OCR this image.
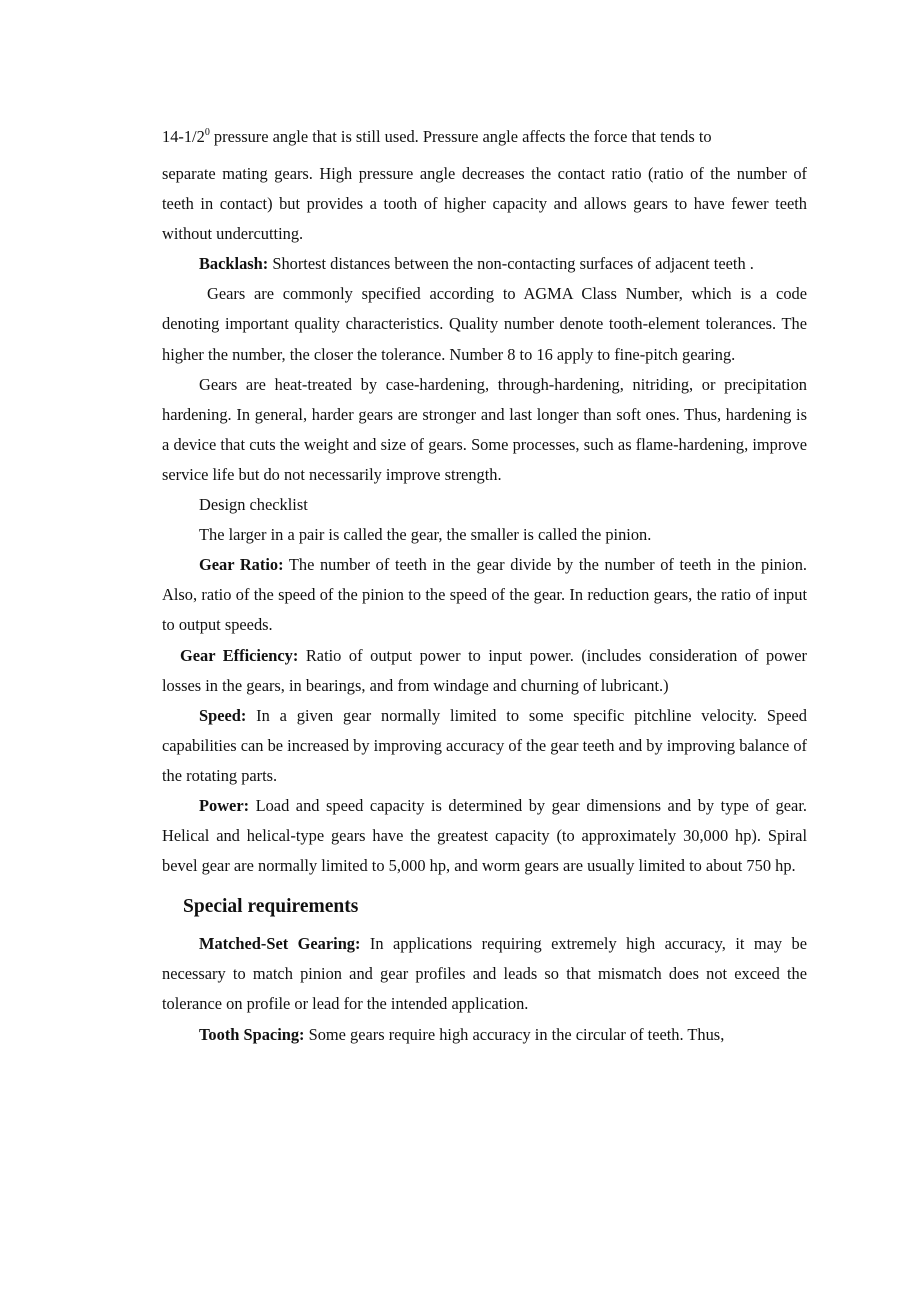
$14-1/2^0$ pressure angle that is still used. Pressure angle affects the force that tends to

separate mating gears. High pressure angle decreases the contact ratio (ratio of the number of teeth in contact) but provides a tooth of higher capacity and allows gears to have fewer teeth without undercutting.

Backlash: Shortest distances between the non-contacting surfaces of adjacent teeth .

Gears are commonly specified according to AGMA Class Number, which is a code denoting important quality characteristics. Quality number denote tooth-element tolerances. The higher the number, the closer the tolerance. Number 8 to 16 apply to fine-pitch gearing.

Gears are heat-treated by case-hardening, through-hardening, nitriding, or precipitation hardening. In general, harder gears are stronger and last longer than soft ones. Thus, hardening is a device that cuts the weight and size of gears. Some processes, such as flame-hardening, improve service life but do not necessarily improve strength.

Design checklist

The larger in a pair is called the gear, the smaller is called the pinion.

Gear Ratio: The number of teeth in the gear divide by the number of teeth in the pinion. Also, ratio of the speed of the pinion to the speed of the gear. In reduction gears, the ratio of input to output speeds.

Gear Efficiency: Ratio of output power to input power. (includes consideration of power losses in the gears, in bearings, and from windage and churning of lubricant.)

Speed: In a given gear normally limited to some specific pitchline velocity. Speed capabilities can be increased by improving accuracy of the gear teeth and by improving balance of the rotating parts.

Power: Load and speed capacity is determined by gear dimensions and by type of gear. Helical and helical-type gears have the greatest capacity (to approximately 30,000 hp). Spiral bevel gear are normally limited to 5,000 hp, and worm gears are usually limited to about 750 hp.

Special requirements

Matched-Set Gearing: In applications requiring extremely high accuracy, it may be necessary to match pinion and gear profiles and leads so that mismatch does not exceed the tolerance on profile or lead for the intended application.

Tooth Spacing: Some gears require high accuracy in the circular of teeth. Thus,
